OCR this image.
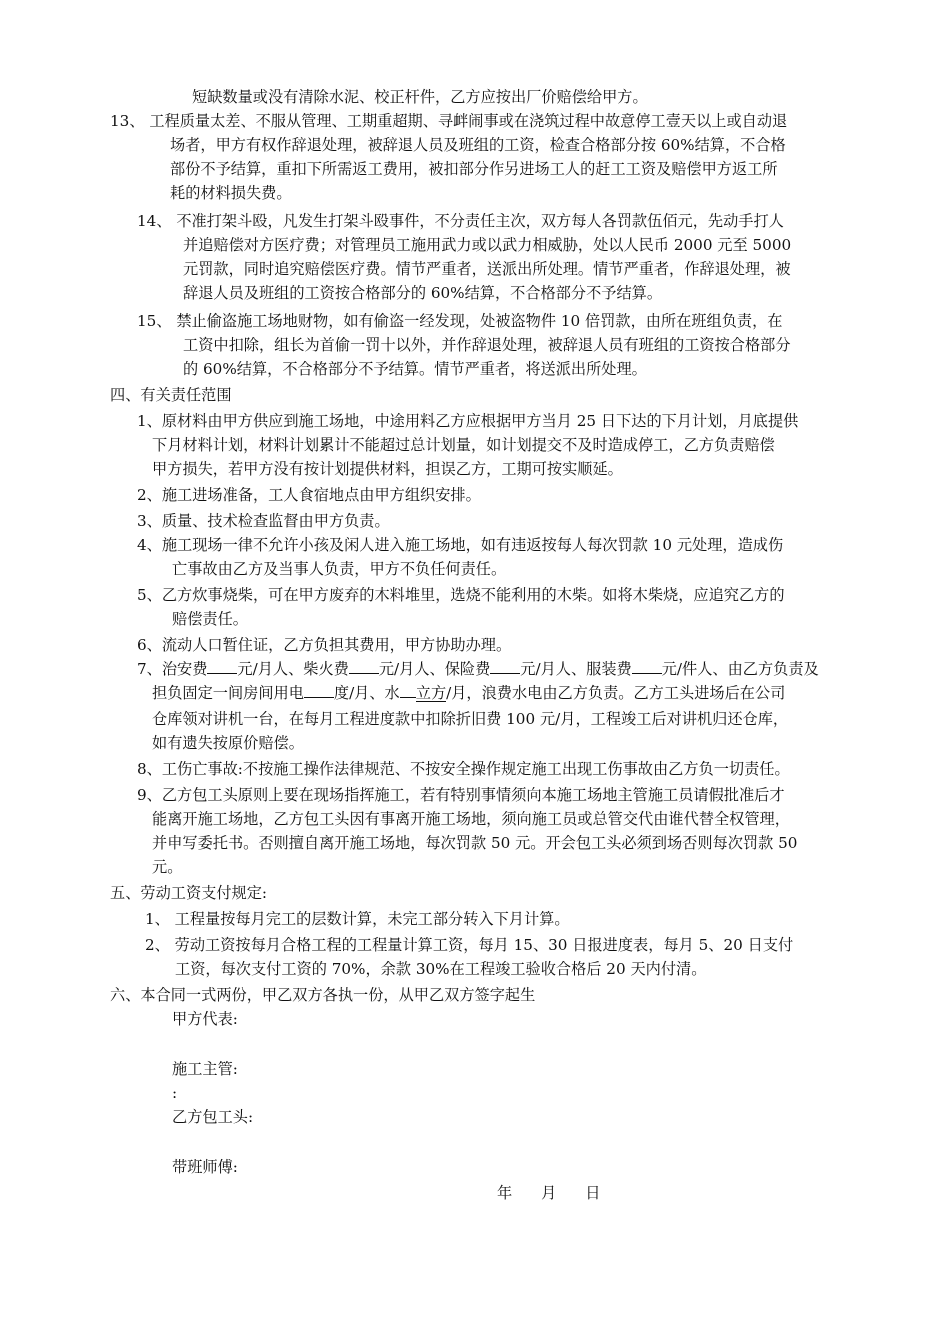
短缺数量或没有清除水泥、校正杆件，乙方应按出厂价赔偿给甲方。
13、 工程质量太差、不服从管理、工期重超期、寻衅闹事或在浇筑过程中故意停工壹天以上或自动退
场者，甲方有权作辞退处理，被辞退人员及班组的工资，检查合格部分按 60%结算，不合格
部份不予结算，重扣下所需返工费用，被扣部分作另进场工人的赶工工资及赔偿甲方返工所
耗的材料损失费。
14、 不准打架斗殴，凡发生打架斗殴事件，不分责任主次，双方每人各罚款伍佰元，先动手打人
并追赔偿对方医疗费；对管理员工施用武力或以武力相威胁，处以人民币 2000 元至 5000
元罚款，同时追究赔偿医疗费。情节严重者，送派出所处理。情节严重者，作辞退处理，被
辞退人员及班组的工资按合格部分的 60%结算，不合格部分不予结算。
15、 禁止偷盗施工场地财物，如有偷盗一经发现，处被盗物件 10 倍罚款，由所在班组负责，在
工资中扣除，组长为首偷一罚十以外，并作辞退处理，被辞退人员有班组的工资按合格部分
的 60%结算，不合格部分不予结算。情节严重者，将送派出所处理。
四、有关责任范围
1、原材料由甲方供应到施工场地，中途用料乙方应根据甲方当月 25 日下达的下月计划，月底提供
下月材料计划，材料计划累计不能超过总计划量，如计划提交不及时造成停工，乙方负责赔偿
甲方损失，若甲方没有按计划提供材料，担误乙方，工期可按实顺延。
2、施工进场准备，工人食宿地点由甲方组织安排。
3、质量、技术检查监督由甲方负责。
4、施工现场一律不允许小孩及闲人进入施工场地，如有违返按每人每次罚款 10 元处理，造成伤
亡事故由乙方及当事人负责，甲方不负任何责任。
5、乙方炊事烧柴，可在甲方废弃的木料堆里，选烧不能利用的木柴。如将木柴烧，应追究乙方的
赔偿责任。
6、流动人口暂住证，乙方负担其费用，甲方协助办理。
7、治安费 元/月人、柴火费 元/月人、保险费 元/月人、服装费 元/件人、由乙方负责及
担负固定一间房间用电 度/月、水 立方/月，浪费水电由乙方负责。乙方工头进场后在公司
仓库领对讲机一台，在每月工程进度款中扣除折旧费 100 元/月，工程竣工后对讲机归还仓库，
如有遗失按原价赔偿。
8、工伤亡事故:不按施工操作法律规范、不按安全操作规定施工出现工伤事故由乙方负一切责任。
9、乙方包工头原则上要在现场指挥施工，若有特别事情须向本施工场地主管施工员请假批准后才
能离开施工场地，乙方包工头因有事离开施工场地，须向施工员或总管交代由谁代替全权管理，
并申写委托书。否则擅自离开施工场地，每次罚款 50 元。开会包工头必须到场否则每次罚款 50
元。
五、劳动工资支付规定:
1、 工程量按每月完工的层数计算，未完工部分转入下月计算。
2、 劳动工资按每月合格工程的工程量计算工资，每月 15、30 日报进度表，每月 5、20 日支付
工资，每次支付工资的 70%，余款 30%在工程竣工验收合格后 20 天内付清。
六、本合同一式两份，甲乙双方各执一份，从甲乙双方签字起生
甲方代表:
施工主管:
:
乙方包工头:
带班师傅:
年      月      日
